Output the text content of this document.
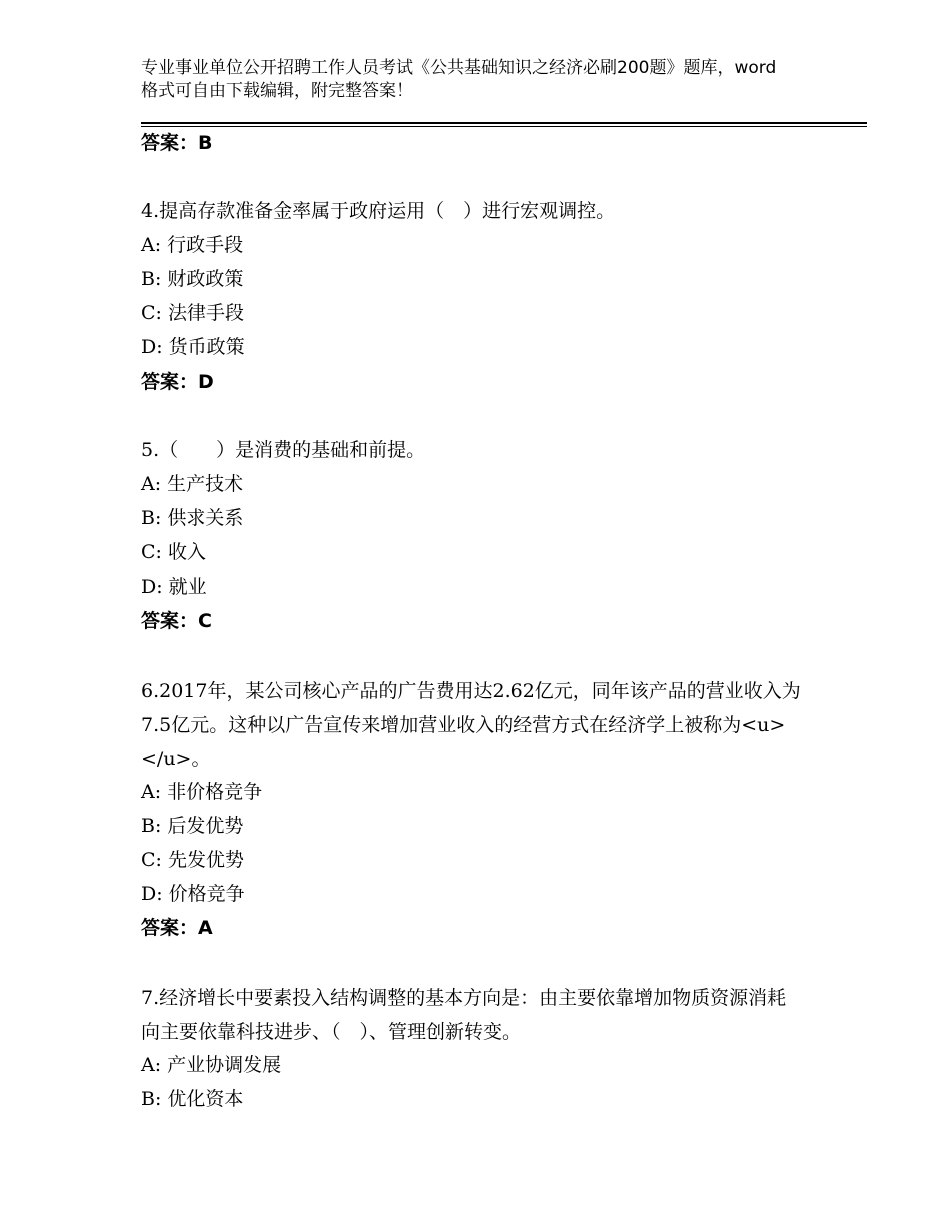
专业事业单位公开招聘工作人员考试《公共基础知识之经济必刷200题》题库，word格式可自由下载编辑，附完整答案！
答案：B
4.提高存款准备金率属于政府运用（　）进行宏观调控。
A: 行政手段
B: 财政政策
C: 法律手段
D: 货币政策
答案：D
5.（　　）是消费的基础和前提。
A: 生产技术
B: 供求关系
C: 收入
D: 就业
答案：C
6.2017年，某公司核心产品的广告费用达2.62亿元，同年该产品的营业收入为7.5亿元。这种以广告宣传来增加营业收入的经营方式在经济学上被称为<u>　　　　</u>。
A: 非价格竞争
B: 后发优势
C: 先发优势
D: 价格竞争
答案：A
7.经济增长中要素投入结构调整的基本方向是：由主要依靠增加物质资源消耗向主要依靠科技进步、（　）、管理创新转变。
A: 产业协调发展
B: 优化资本
